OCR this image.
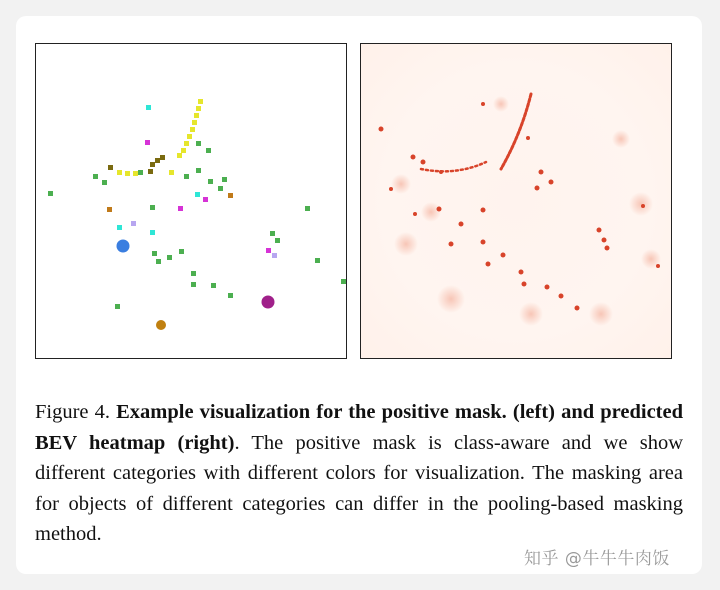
Figure 4. Example visualization for the positive mask. (left) and predicted BEV heatmap (right). The positive mask is class-aware and we show different categories with different colors for visualization. The masking area for objects of different categories can differ in the pooling-based masking method.
知乎 @牛牛牛肉饭
